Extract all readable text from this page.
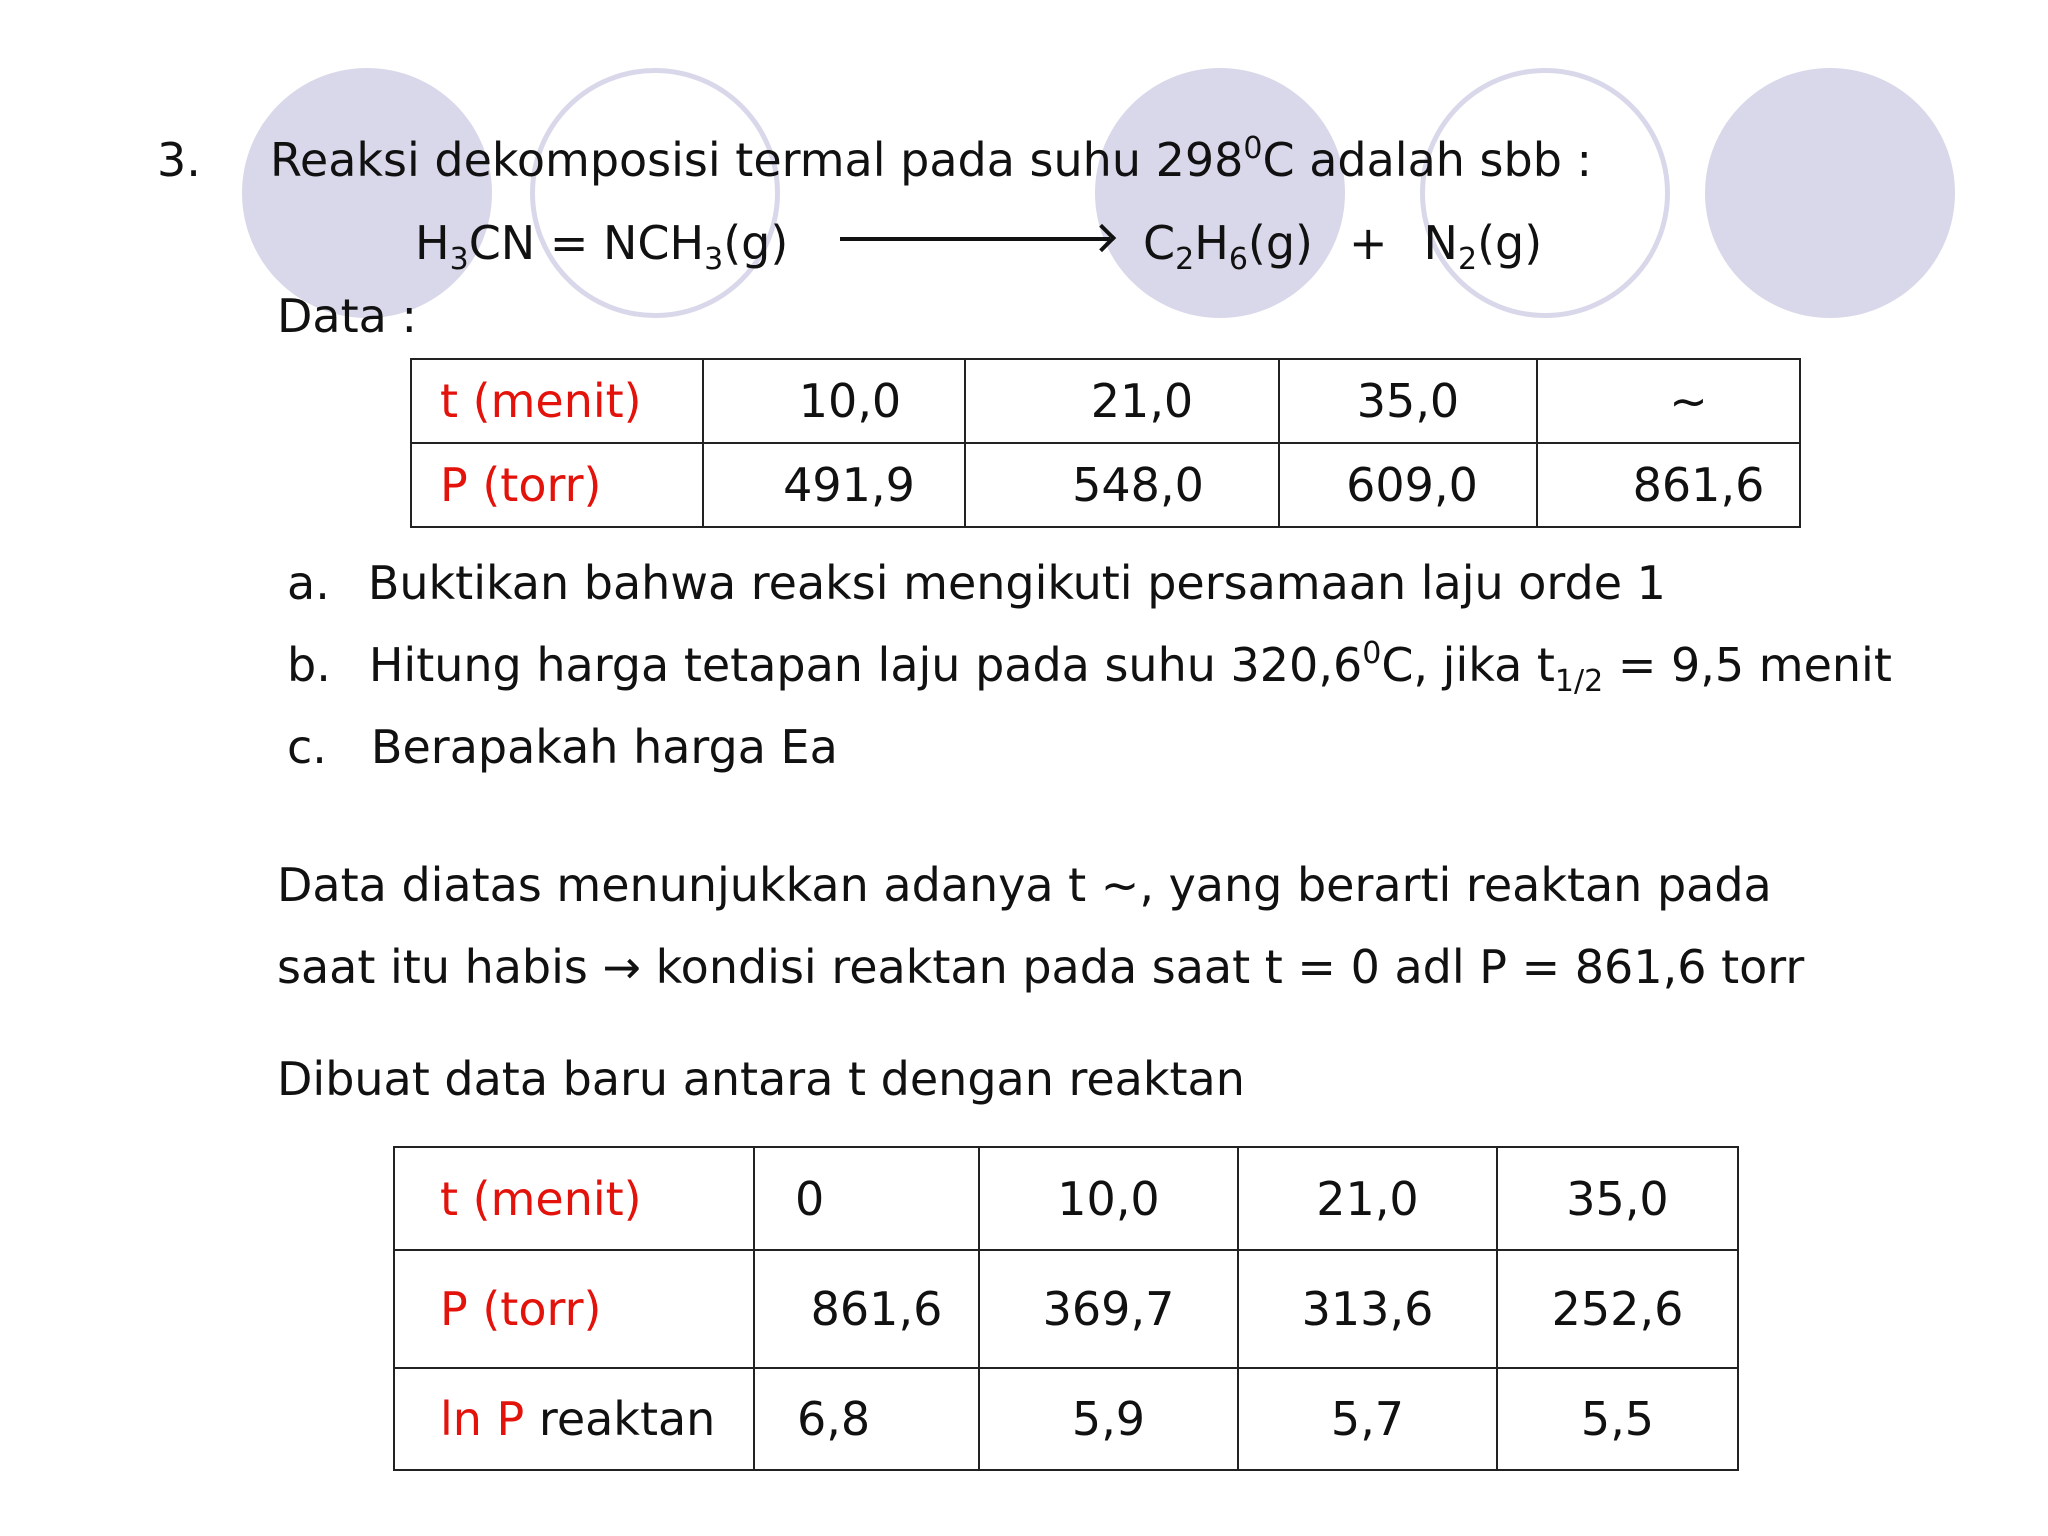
3. Reaksi dekomposisi termal pada suhu $298^0C$ adalah sbb :
$H_3CN = NCH_3(g)$	$C_2H_6(g) + N_2(g)$
Data :
t (menit)	10,0	21,0	35,0	~
P (torr)	491,9	548,0	609,0	861,6
a. Buktikan bahwa reaksi mengikuti persamaan laju orde 1
b. Hitung harga tetapan laju pada suhu 320,6$^0$C, jika $t_{1/2} = 9,5$ menit
c. Berapakah harga Ea
Data diatas menunjukkan adanya t ~, yang berarti reaktan pada
saat itu habis → kondisi reaktan pada saat t = 0 adl P = 861,6 torr
Dibuat data baru antara t dengan reaktan
t (menit)	0	10,0	21,0	35,0
P (torr)	861,6	369,7	313,6	252,6
ln P reaktan	6,8	5,9	5,7	5,5
